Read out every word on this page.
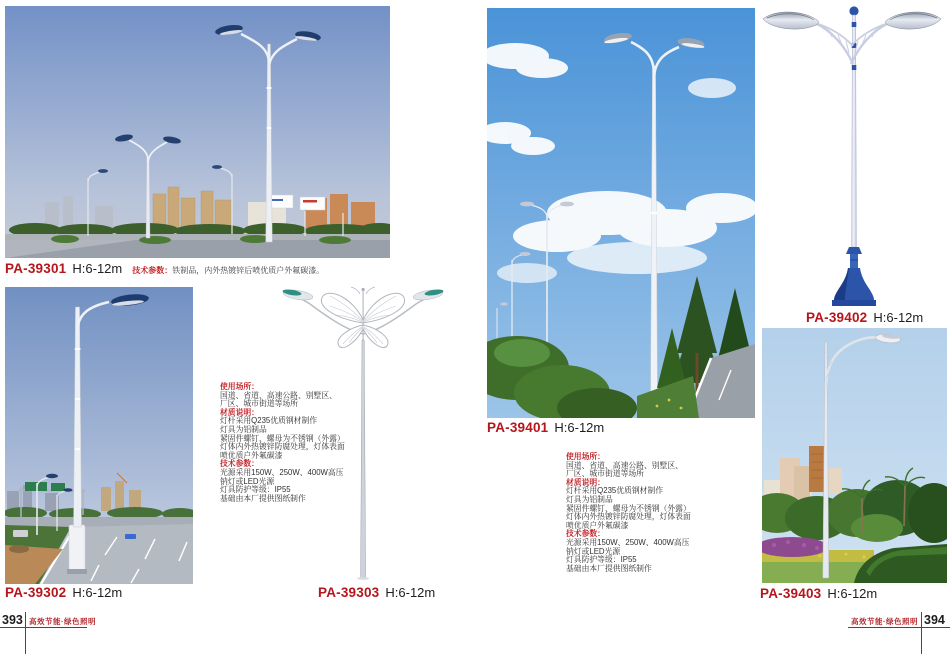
PA-39301 H:6-12m 技术参数：铁制品，内外热镀锌后喷优质户外氟碳漆。
使用场所：
国道、省道、高速公路、别墅区、
厂区、城市街道等场所
材质说明：
灯杆采用Q235优质钢材制作
灯具为铝制品
紧固件螺钉、螺母为不锈钢（外露）
灯体内外热镀锌防腐处理，灯体表面
喷优质户外氟碳漆
技术参数：
光源采用150W、250W、400W高压
钠灯或LED光源
灯具防护等级：IP55
基础由本厂提供图纸制作
PA-39302 H:6-12m	PA-39303 H:6-12m
PA-39401 H:6-12m
PA-39402 H:6-12m
使用场所：
国道、省道、高速公路、别墅区、
厂区、城市街道等场所
材质说明：
灯杆采用Q235优质钢材制作
灯具为铝制品
紧固件螺钉、螺母为不锈钢（外露）
灯体内外热镀锌防腐处理，灯体表面
喷优质户外氟碳漆
技术参数：
光源采用150W、250W、400W高压
钠灯或LED光源
灯具防护等级：IP55
基础由本厂提供图纸制作
PA-39403 H:6-12m
393 高效节能·绿色照明	高效节能·绿色照明 394
